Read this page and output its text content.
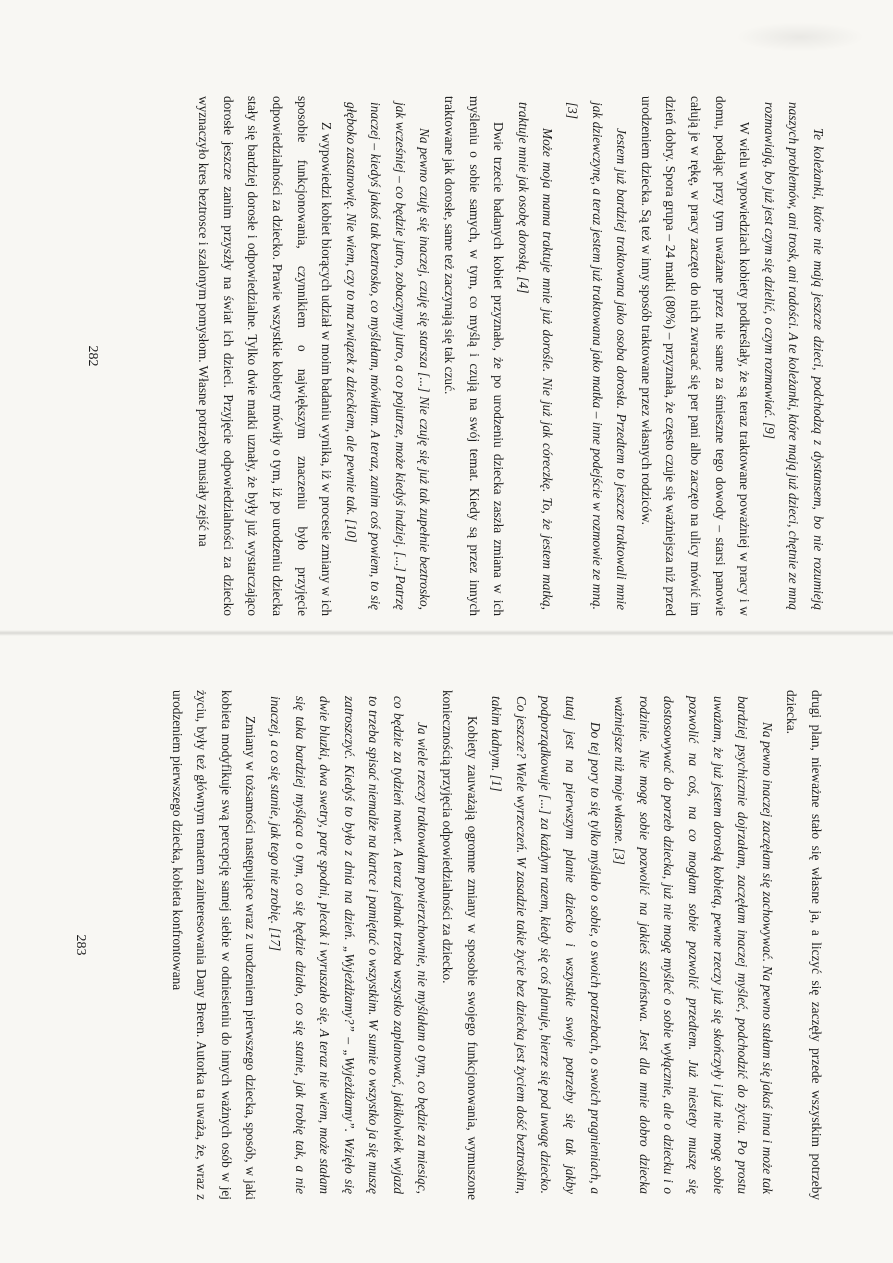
Te koleżanki, które nie mają jeszcze dzieci, podchodzą z dystansem, bo nie rozumieją naszych problemów, ani trosk, ani radości. A te koleżanki, które mają już dzieci, chętnie ze mną rozmawiają, bo już jest czym się dzielić, o czym rozmawiać. [9]

W wielu wypowiedziach kobiety podkreślały, że są teraz traktowane poważniej w pracy i w domu, podając przy tym uważane przez nie same za śmieszne tego dowody – starsi panowie całują je w rękę, w pracy zaczęto do nich zwracać się per pani albo zaczęto na ulicy mówić im dzień dobry. Spora grupa – 24 matki (80%) – przyznała, że często czuje się ważniejsza niż przed urodzeniem dziecka. Są też w inny sposób traktowane przez własnych rodziców.

Jestem już bardziej traktowana jako osoba dorosła. Przedtem to jeszcze traktowali mnie jak dziewczynę, a teraz jestem już traktowana jako matka – inne podejście w rozmowie ze mną. [3]

Może moja mama traktuje mnie już dorośle. Nie już jak córeczkę. To, że jestem matką, traktuje mnie jak osobę dorosłą. [4]

Dwie trzecie badanych kobiet przyznało, że po urodzeniu dziecka zaszła zmiana w ich myśleniu o sobie samych, w tym, co myślą i czują na swój temat. Kiedy są przez innych traktowane jak dorosłe, same też zaczynają się tak czuć.

Na pewno czuję się inaczej, czuję się starsza [...] Nie czuję się już tak zupełnie beztrosko, jak wcześniej – co będzie jutro, zobaczymy jutro, a co pojutrze, może kiedyś indziej. [...] Patrzę inaczej – kiedyś jakoś tak beztrosko, co myślałam, mówiłam. A teraz, zanim coś powiem, to się głęboko zastanowię. Nie wiem, czy to ma związek z dzieckiem, ale pewnie tak. [10]

Z wypowiedzi kobiet biorących udział w moim badaniu wynika, iż w procesie zmiany w ich sposobie funkcjonowania, czynnikiem o największym znaczeniu było przyjęcie odpowiedzialności za dziecko. Prawie wszystkie kobiety mówiły o tym, iż po urodzeniu dziecka stały się bardziej dorosłe i odpowiedzialne. Tylko dwie matki uznały, że były już wystarczająco dorosłe jeszcze zanim przyszły na świat ich dzieci. Przyjęcie odpowiedzialności za dziecko wyznaczyło kres beztrosce i szalonym pomysłom. Własne potrzeby musiały zejść na

282

drugi plan, nieważne stało się własne ja, a liczyć się zaczęły przede wszystkim potrzeby dziecka.

Na pewno inaczej zaczęłam się zachowywać. Na pewno stałam się jakaś inna i może tak bardziej psychicznie dojrzałam, zaczęłam inaczej myśleć, podchodzić do życia. Po prostu uważam, że już jestem dorosłą kobietą, pewne rzeczy już się skończyły i już nie mogę sobie pozwolić na coś, na co mogłam sobie pozwolić przedtem. Już niestety muszę się dostosowywać do porzeb dziecka, już nie mogę myśleć o sobie wyłącznie, ale o dziecku i o rodzinie. Nie mogę sobie pozwolić na jakieś szaleństwa. Jest dla mnie dobro dziecka ważniejsze niż moje własne. [3]

Do tej pory to się tylko myślało o sobie, o swoich potrzebach, o swoich pragnieniach, a tutaj jest na pierwszym planie dziecko i wszystkie swoje potrzeby się tak jakby podporządkowuje [...] za każdym razem, kiedy się coś planuje, bierze się pod uwagę dziecko. Co jeszcze? Wiele wyrzeczeń. W zasadzie takie życie bez dziecka jest życiem dość beztroskim, takim ładnym. [1]

Kobiety zauważają ogromne zmiany w sposobie swojego funkcjonowania, wymuszone koniecznością przyjęcia odpowiedzialności za dziecko.

Ja wiele rzeczy traktowałam powierzchownie, nie myślałam o tym, co będzie za miesiąc, co będzie za tydzień nawet. A teraz jednak trzeba wszystko zaplanować, jakikolwiek wyjazd to trzeba spisać niemalże na kartce i pamiętać o wszystkim. W sumie o wszystko ja się muszę zatroszczyć. Kiedyś to było z dnia na dzień. „Wyjeżdżamy?” – „Wyjeżdżamy”. Wzięło się dwie bluzki, dwa swetry, parę spodni, plecak i wyruszało się. A teraz nie wiem, może stałam się taka bardziej myśląca o tym, co się będzie działo, co się stanie, jak trobię tak, a nie inaczej, a co się stanie, jak tego nie zrobię. [17]

Zmiany w tożsamości następujące wraz z urodzeniem pierwszego dziecka, sposób, w jaki kobieta modyfikuje swą percepcję samej siebie w odniesieniu do innych ważnych osób w jej życiu, były też głównym tematem zainteresowania Dany Breen. Autorka ta uważa, że, wraz z urodzeniem pierwszego dziecka, kobieta konfrontowana

283
